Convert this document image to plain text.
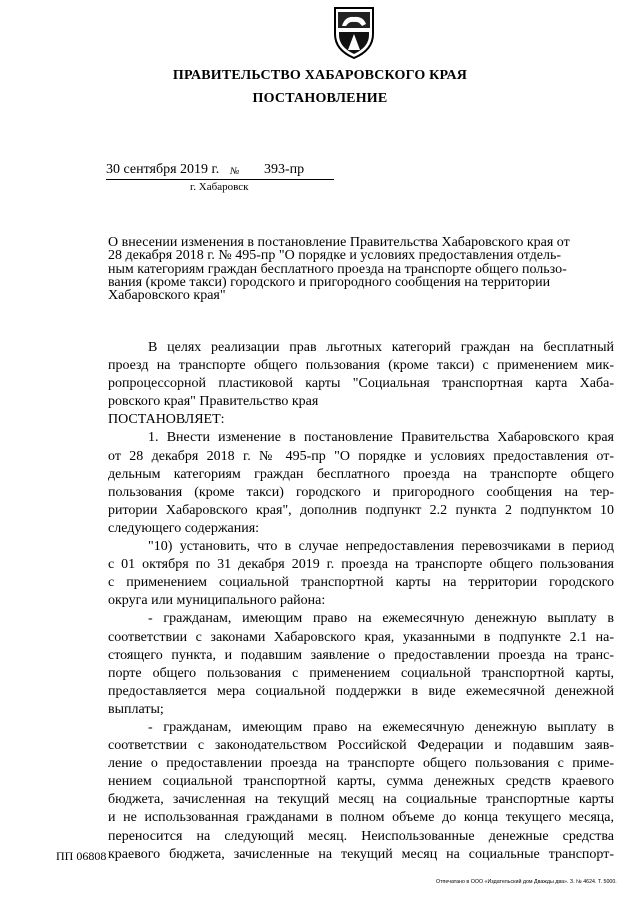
ПРАВИТЕЛЬСТВО ХАБАРОВСКОГО КРАЯ
ПОСТАНОВЛЕНИЕ
30 сентября 2019 г. № 393-пр
г. Хабаровск
О внесении изменения в постановление Правительства Хабаровского края от
28 декабря 2018 г. № 495-пр "О порядке и условиях предоставления отдель-
ным категориям граждан бесплатного проезда на транспорте общего пользо-
вания (кроме такси) городского и пригородного сообщения на территории
Хабаровского края"
В целях реализации прав льготных категорий граждан на бесплатный
проезд на транспорте общего пользования (кроме такси) с применением мик-
ропроцессорной пластиковой карты "Социальная транспортная карта Хаба-
ровского края" Правительство края
ПОСТАНОВЛЯЕТ:
1. Внести изменение в постановление Правительства Хабаровского края
от 28 декабря 2018 г. № 495-пр "О порядке и условиях предоставления от-
дельным категориям граждан бесплатного проезда на транспорте общего
пользования (кроме такси) городского и пригородного сообщения на тер-
ритории Хабаровского края", дополнив подпункт 2.2 пункта 2 подпунктом 10
следующего содержания:
"10) установить, что в случае непредоставления перевозчиками в период
с 01 октября по 31 декабря 2019 г. проезда на транспорте общего пользования
с применением социальной транспортной карты на территории городского
округа или муниципального района:
- гражданам, имеющим право на ежемесячную денежную выплату в
соответствии с законами Хабаровского края, указанными в подпункте 2.1 на-
стоящего пункта, и подавшим заявление о предоставлении проезда на транс-
порте общего пользования с применением социальной транспортной карты,
предоставляется мера социальной поддержки в виде ежемесячной денежной
выплаты;
- гражданам, имеющим право на ежемесячную денежную выплату в
соответствии с законодательством Российской Федерации и подавшим заяв-
ление о предоставлении проезда на транспорте общего пользования с приме-
нением социальной транспортной карты, сумма денежных средств краевого
бюджета, зачисленная на текущий месяц на социальные транспортные карты
и не использованная гражданами в полном объеме до конца текущего месяца,
переносится на следующий месяц. Неиспользованные денежные средства
краевого бюджета, зачисленные на текущий месяц на социальные транспорт-
ПП 06808
Отпечатано в ООО «Издательский дом Дважды два». З. № 4624. Т. 5000.
